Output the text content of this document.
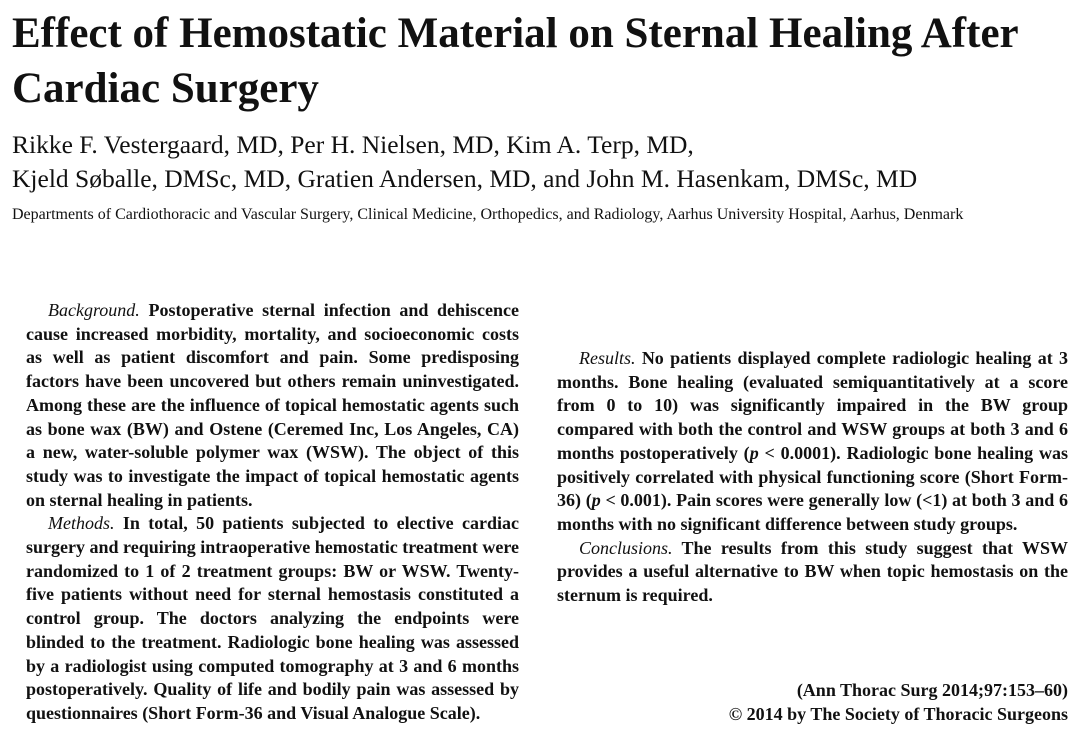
Effect of Hemostatic Material on Sternal Healing After Cardiac Surgery
Rikke F. Vestergaard, MD, Per H. Nielsen, MD, Kim A. Terp, MD,
Kjeld Søballe, DMSc, MD, Gratien Andersen, MD, and John M. Hasenkam, DMSc, MD
Departments of Cardiothoracic and Vascular Surgery, Clinical Medicine, Orthopedics, and Radiology, Aarhus University Hospital, Aarhus, Denmark

Background. Postoperative sternal infection and dehiscence cause increased morbidity, mortality, and socioeconomic costs as well as patient discomfort and pain. Some predisposing factors have been uncovered but others remain uninvestigated. Among these are the influence of topical hemostatic agents such as bone wax (BW) and Ostene (Ceremed Inc, Los Angeles, CA) a new, water-soluble polymer wax (WSW). The object of this study was to investigate the impact of topical hemostatic agents on sternal healing in patients.

Methods. In total, 50 patients subjected to elective cardiac surgery and requiring intraoperative hemostatic treatment were randomized to 1 of 2 treatment groups: BW or WSW. Twenty-five patients without need for sternal hemostasis constituted a control group. The doctors analyzing the endpoints were blinded to the treatment. Radiologic bone healing was assessed by a radiologist using computed tomography at 3 and 6 months postoperatively. Quality of life and bodily pain was assessed by questionnaires (Short Form-36 and Visual Analogue Scale).

Results. No patients displayed complete radiologic healing at 3 months. Bone healing (evaluated semiquantitatively at a score from 0 to 10) was significantly impaired in the BW group compared with both the control and WSW groups at both 3 and 6 months postoperatively (p < 0.0001). Radiologic bone healing was positively correlated with physical functioning score (Short Form-36) (p < 0.001). Pain scores were generally low (<1) at both 3 and 6 months with no significant difference between study groups.

Conclusions. The results from this study suggest that WSW provides a useful alternative to BW when topic hemostasis on the sternum is required.

(Ann Thorac Surg 2014;97:153–60)
© 2014 by The Society of Thoracic Surgeons
